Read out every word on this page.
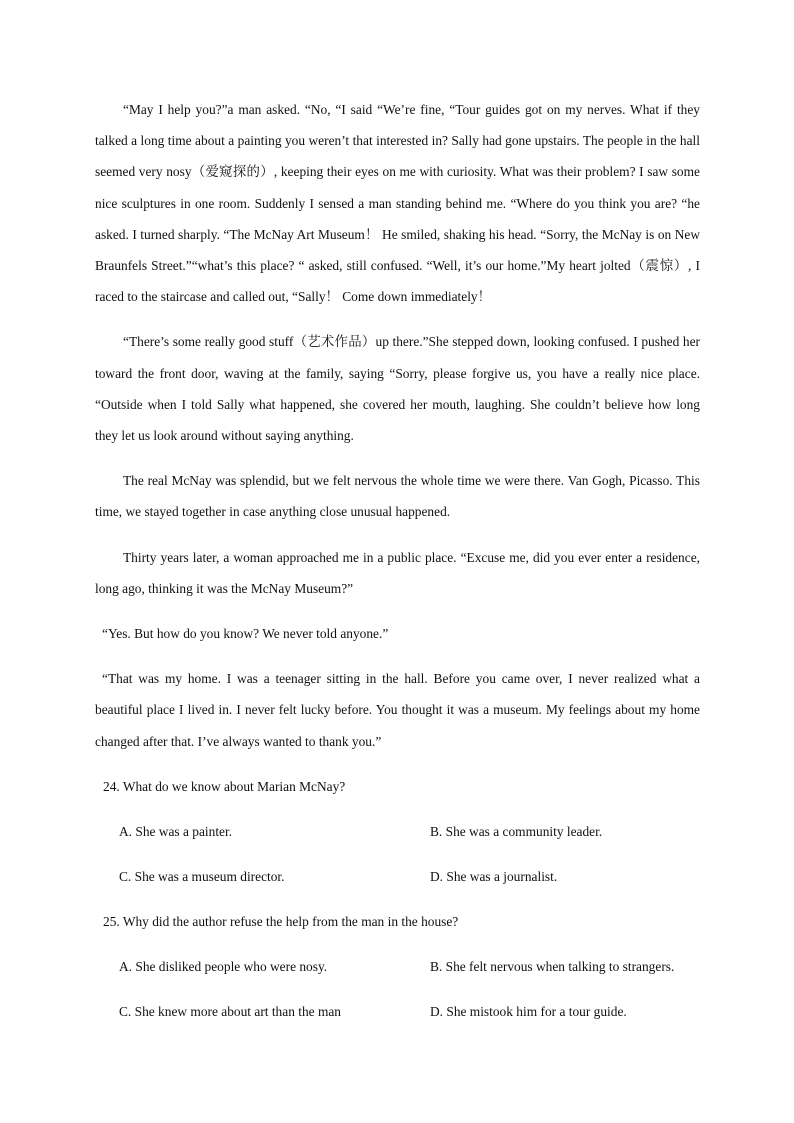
“May I help you?”a man asked. “No, “I said “We’re fine, “Tour guides got on my nerves. What if they talked a long time about a painting you weren’t that interested in? Sally had gone upstairs. The people in the hall seemed very nosy（爱窥探的）, keeping their eyes on me with curiosity. What was their problem? I saw some nice sculptures in one room. Suddenly I sensed a man standing behind me. “Where do you think you are? “he asked. I turned sharply. “The McNay Art Museum！ He smiled, shaking his head. “Sorry, the McNay is on New Braunfels Street.”“what’s this place? “ asked, still confused. “Well, it’s our home.”My heart jolted（震惊）, I raced to the staircase and called out, “Sally！ Come down immediately！

“There’s some really good stuff（艺术作品）up there.”She stepped down, looking confused. I pushed her toward the front door, waving at the family, saying “Sorry, please forgive us, you have a really nice place. “Outside when I told Sally what happened, she covered her mouth, laughing. She couldn’t believe how long they let us look around without saying anything.

The real McNay was splendid, but we felt nervous the whole time we were there. Van Gogh, Picasso. This time, we stayed together in case anything close unusual happened.

Thirty years later, a woman approached me in a public place. “Excuse me, did you ever enter a residence, long ago, thinking it was the McNay Museum?”

“Yes. But how do you know? We never told anyone.”

“That was my home. I was a teenager sitting in the hall. Before you came over, I never realized what a beautiful place I lived in. I never felt lucky before. You thought it was a museum. My feelings about my home changed after that. I’ve always wanted to thank you.”

24. What do we know about Marian McNay?

A. She was a painter.	B. She was a community leader.
C. She was a museum director.	D. She was a journalist.

25. Why did the author refuse the help from the man in the house?

A. She disliked people who were nosy.	B. She felt nervous when talking to strangers.
C. She knew more about art than the man	D. She mistook him for a tour guide.
